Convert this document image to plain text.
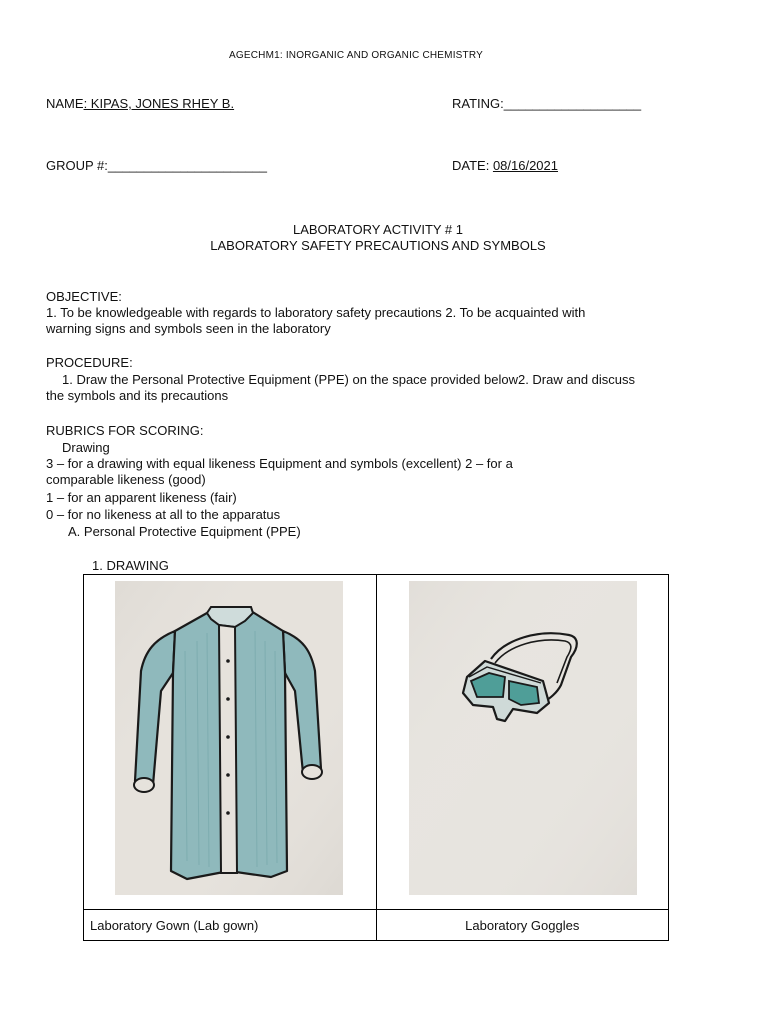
AGECHM1: INORGANIC AND ORGANIC CHEMISTRY
NAME: KIPAS, JONES RHEY B.	RATING:___________________
GROUP #:______________________	DATE: 08/16/2021
LABORATORY ACTIVITY # 1
LABORATORY SAFETY PRECAUTIONS AND SYMBOLS
OBJECTIVE:
1. To be knowledgeable with regards to laboratory safety precautions 2. To be acquainted with
warning signs and symbols seen in the laboratory
PROCEDURE:
1. Draw the Personal Protective Equipment (PPE) on the space provided below2. Draw and discuss
the symbols and its precautions
RUBRICS FOR SCORING:
Drawing
3 – for a drawing with equal likeness Equipment and symbols (excellent) 2 – for a
comparable likeness (good)
1 – for an apparent likeness (fair)
0 – for no likeness at all to the apparatus
A. Personal Protective Equipment (PPE)
1. DRAWING

Laboratory Gown (Lab gown)	Laboratory Goggles
